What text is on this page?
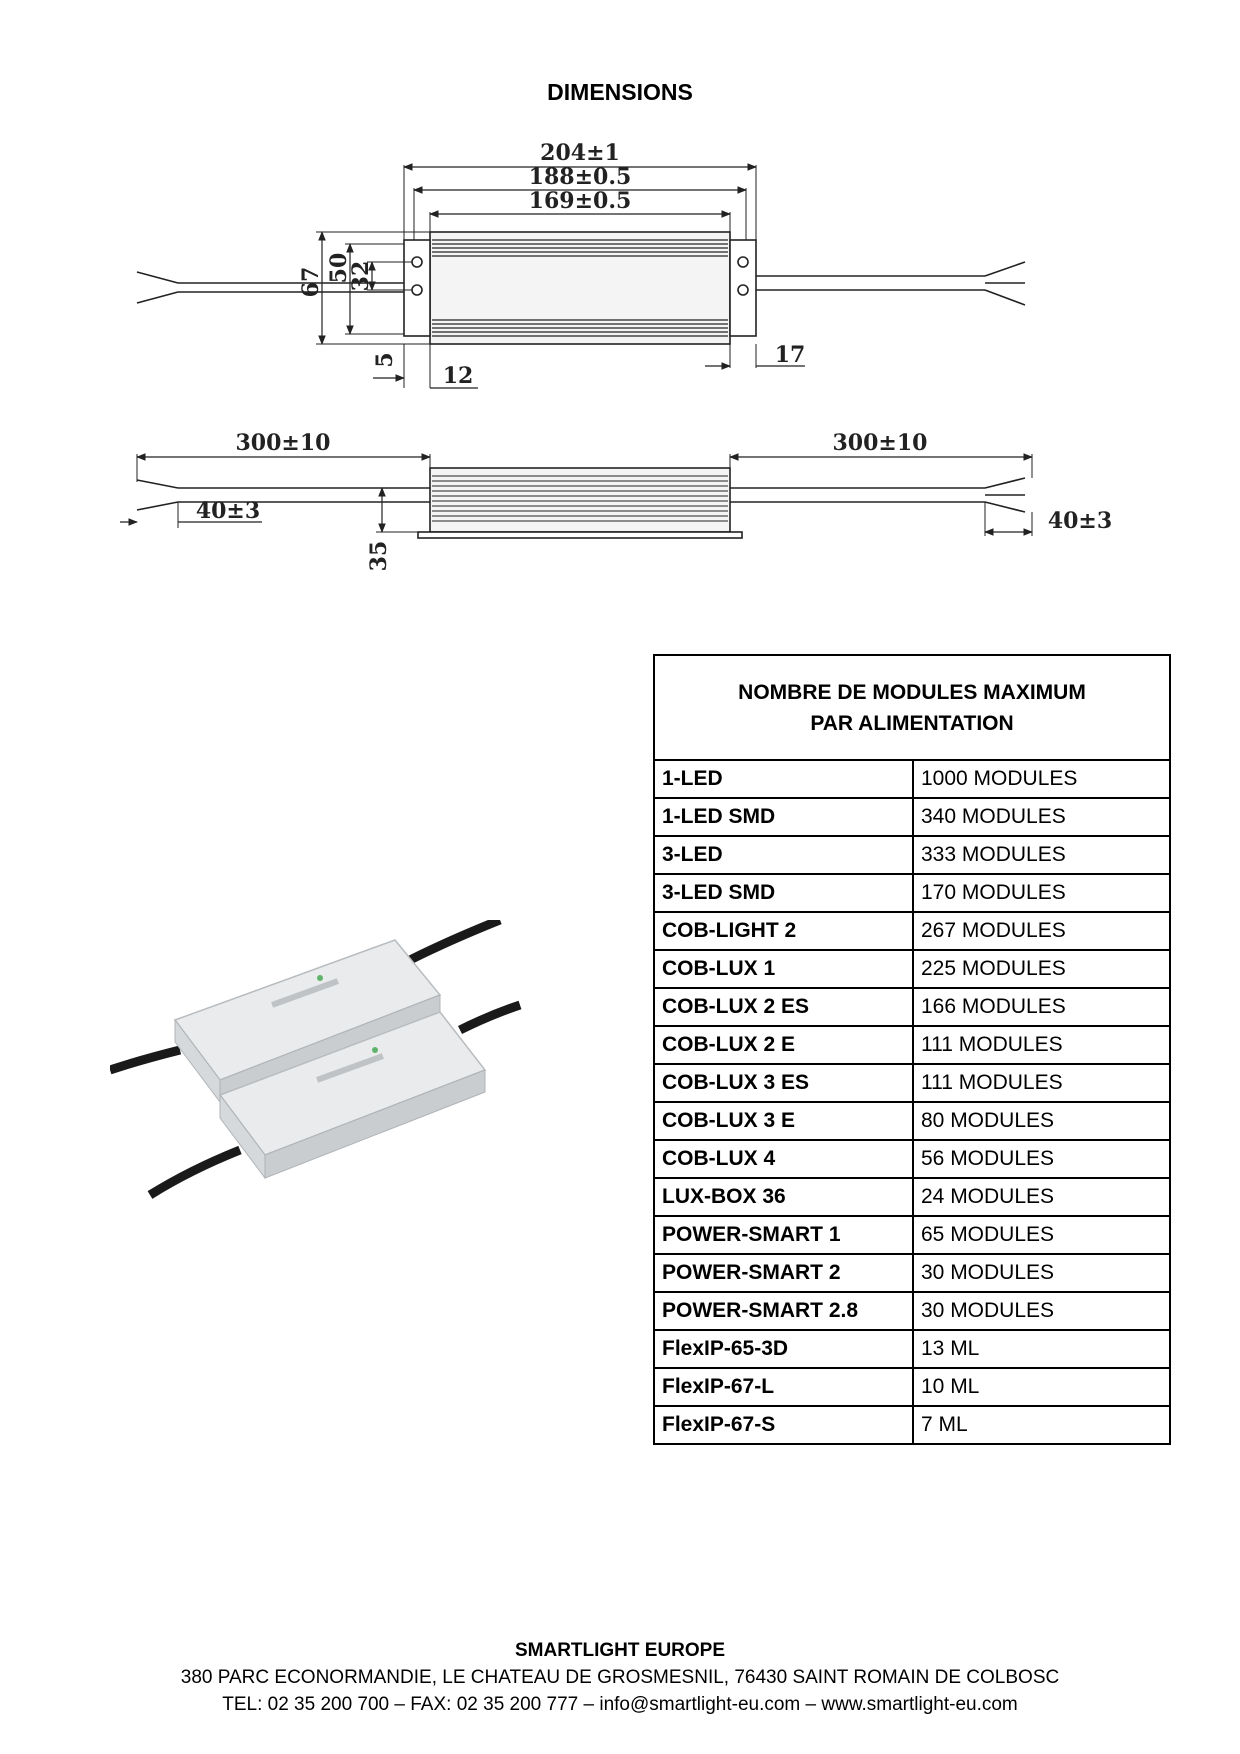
DIMENSIONS
204±1
188±0.5
169±0.5
67 50
32
5
12
17
300±10	300±10
40±3	40±3
35
NOMBRE DE MODULES MAXIMUM
PAR ALIMENTATION	

1-LED	1000 MODULES
1-LED SMD	340 MODULES
3-LED	333 MODULES
3-LED SMD	170 MODULES
COB-LIGHT 2	267 MODULES
COB-LUX 1	225 MODULES
COB-LUX 2 ES	166 MODULES
COB-LUX 2 E	111 MODULES
COB-LUX 3 ES	111 MODULES
COB-LUX 3 E	80 MODULES
COB-LUX 4	56 MODULES
LUX-BOX 36	24 MODULES
POWER-SMART 1	65 MODULES
POWER-SMART 2	30 MODULES
POWER-SMART 2.8	30 MODULES
FlexIP-65-3D	13 ML
FlexIP-67-L	10 ML
FlexIP-67-S	7 ML
SMARTLIGHT EUROPE
380 PARC ECONORMANDIE, LE CHATEAU DE GROSMESNIL, 76430 SAINT ROMAIN DE COLBOSC
TEL: 02 35 200 700 – FAX: 02 35 200 777 – info@smartlight-eu.com – www.smartlight-eu.com
